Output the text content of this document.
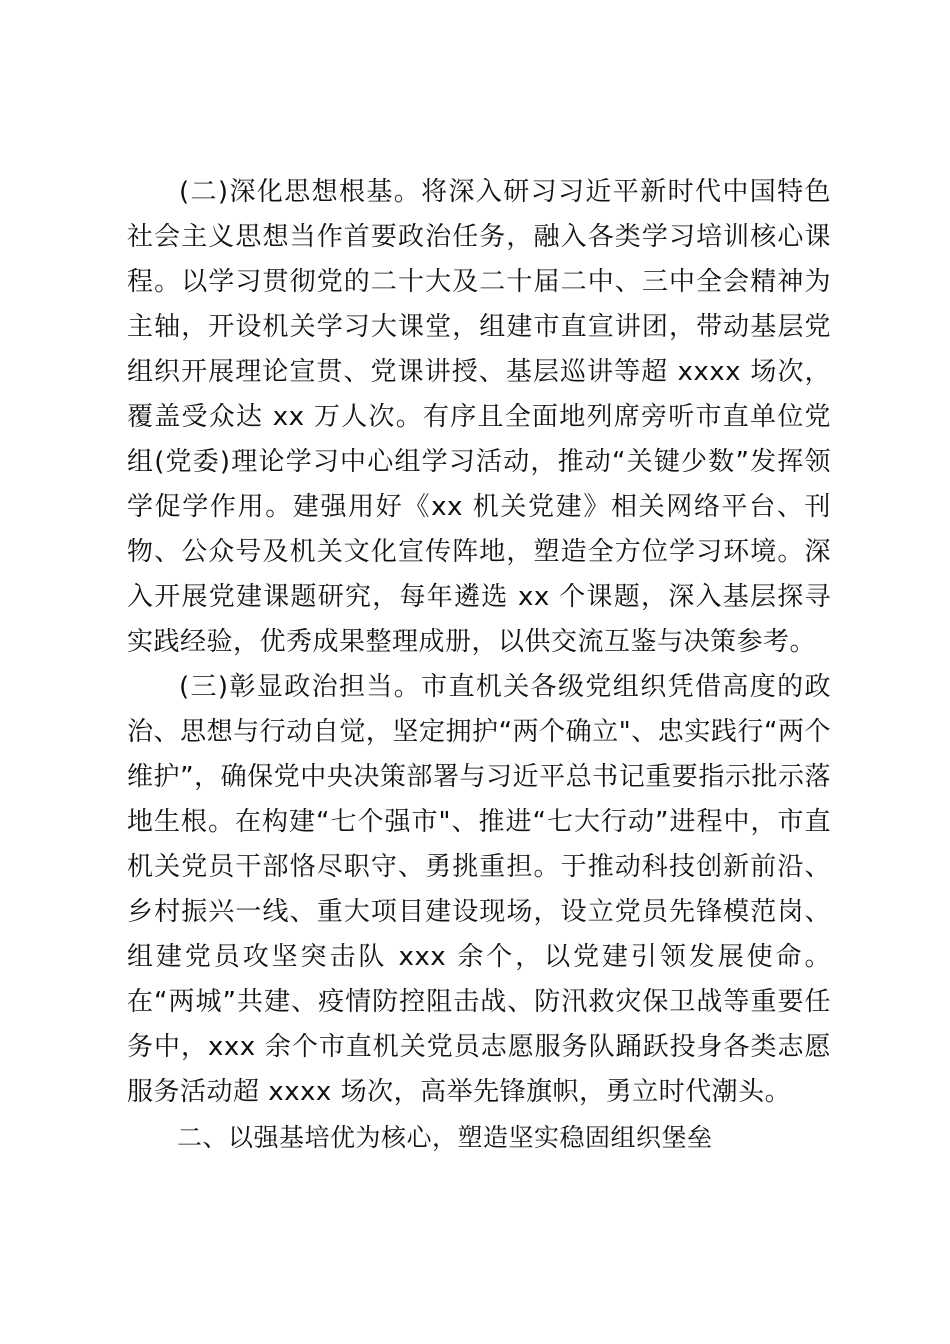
(二)深化思想根基。将深入研习习近平新时代中国特色社会主义思想当作首要政治任务，融入各类学习培训核心课程。以学习贯彻党的二十大及二十届二中、三中全会精神为主轴，开设机关学习大课堂，组建市直宣讲团，带动基层党组织开展理论宣贯、党课讲授、基层巡讲等超 xxxx 场次，覆盖受众达 xx 万人次。有序且全面地列席旁听市直单位党组(党委)理论学习中心组学习活动，推动“关键少数”发挥领学促学作用。建强用好《xx 机关党建》相关网络平台、刊物、公众号及机关文化宣传阵地，塑造全方位学习环境。深入开展党建课题研究，每年遴选 xx 个课题，深入基层探寻实践经验，优秀成果整理成册，以供交流互鉴与决策参考。

(三)彰显政治担当。市直机关各级党组织凭借高度的政治、思想与行动自觉，坚定拥护“两个确立"、忠实践行“两个维护”，确保党中央决策部署与习近平总书记重要指示批示落地生根。在构建“七个强市"、推进“七大行动”进程中，市直机关党员干部恪尽职守、勇挑重担。于推动科技创新前沿、乡村振兴一线、重大项目建设现场，设立党员先锋模范岗、组建党员攻坚突击队 xxx 余个，以党建引领发展使命。在“两城”共建、疫情防控阻击战、防汛救灾保卫战等重要任务中，xxx 余个市直机关党员志愿服务队踊跃投身各类志愿服务活动超 xxxx 场次，高举先锋旗帜，勇立时代潮头。

二、以强基培优为核心，塑造坚实稳固组织堡垒
